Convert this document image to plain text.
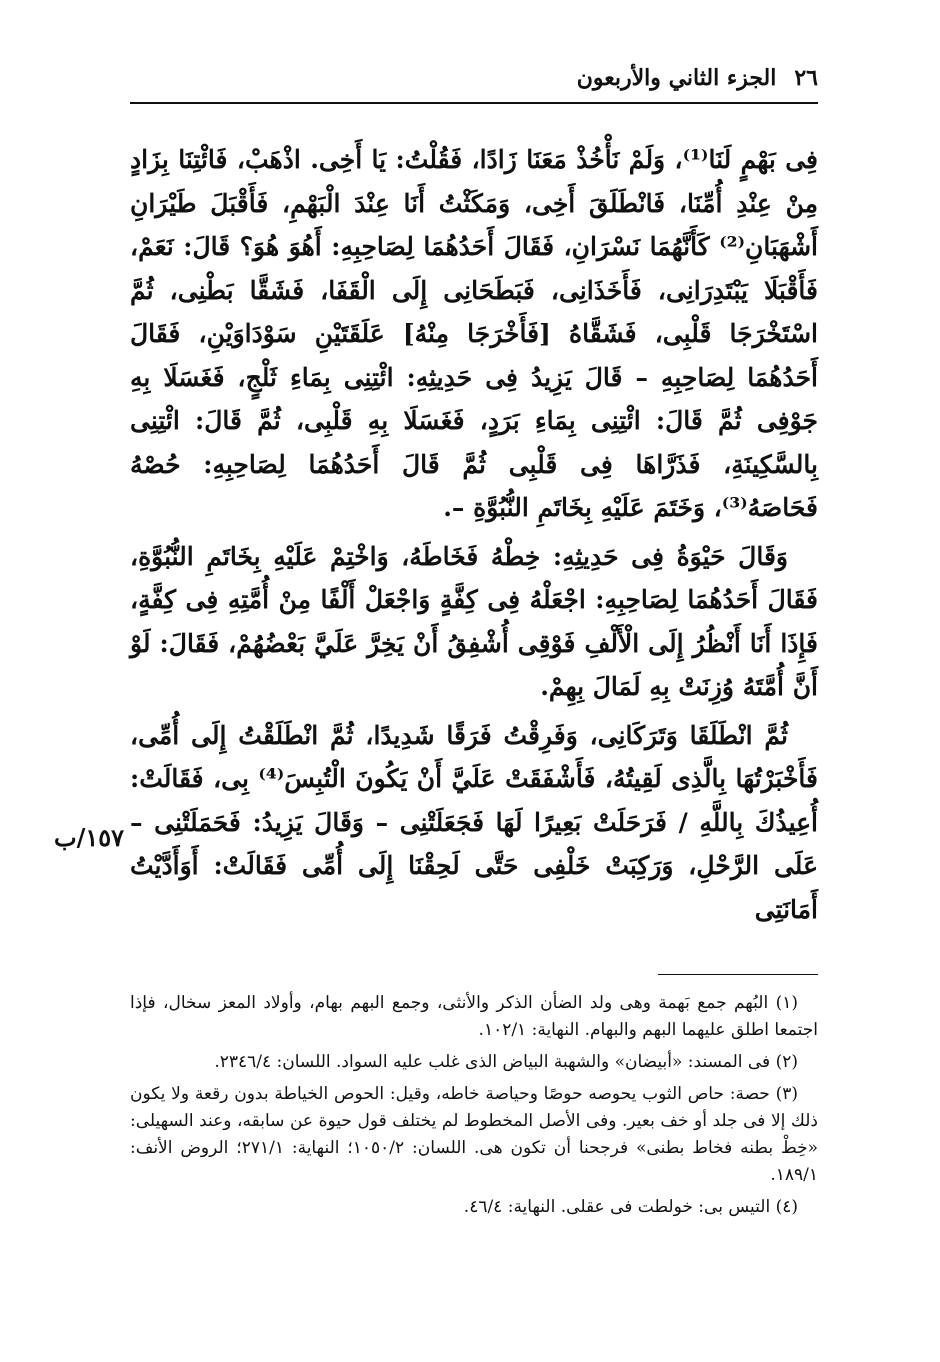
٢٦
الجزء الثاني والأربعون

فِى بَهْمٍ لَنَا⁽¹⁾، وَلَمْ نَأْخُذْ مَعَنَا زَادًا، فَقُلْتُ: يَا أَخِى. اذْهَبْ، فَائْتِنَا بِزَادٍ مِنْ عِنْدِ أُمِّنَا، فَانْطَلَقَ أَخِى، وَمَكَثْتُ أَنَا عِنْدَ الْبَهْمِ، فَأَقْبَلَ طَيْرَانِ أَشْهَبَانِ⁽²⁾ كَأَنَّهُمَا نَسْرَانِ، فَقَالَ أَحَدُهُمَا لِصَاحِبِهِ: أَهُوَ هُوَ؟ قَالَ: نَعَمْ، فَأَقْبَلَا يَبْتَدِرَانِى، فَأَخَذَانِى، فَبَطَحَانِى إِلَى الْقَفَا، فَشَقَّا بَطْنِى، ثُمَّ اسْتَخْرَجَا قَلْبِى، فَشَقَّاهُ [فَأَخْرَجَا مِنْهُ] عَلَقَتَيْنِ سَوْدَاوَيْنِ، فَقَالَ أَحَدُهُمَا لِصَاحِبِهِ – قَالَ يَزِيدُ فِى حَدِيثِهِ: ائْتِنِى بِمَاءِ ثَلْجٍ، فَغَسَلَا بِهِ جَوْفِى ثُمَّ قَالَ: ائْتِنِى بِمَاءِ بَرَدٍ، فَغَسَلَا بِهِ قَلْبِى، ثُمَّ قَالَ: ائْتِنِى بِالسَّكِينَةِ، فَذَرَّاهَا فِى قَلْبِى ثُمَّ قَالَ أَحَدُهُمَا لِصَاحِبِهِ: حُصْهُ فَحَاصَهُ⁽³⁾، وَخَتَمَ عَلَيْهِ بِخَاتَمِ النُّبُوَّةِ –.

وَقَالَ حَيْوَةُ فِى حَدِيثِهِ: خِطْهُ فَخَاطَهُ، وَاخْتِمْ عَلَيْهِ بِخَاتَمِ النُّبُوَّةِ، فَقَالَ أَحَدُهُمَا لِصَاحِبِهِ: اجْعَلْهُ فِى كِفَّةٍ وَاجْعَلْ أَلْفًا مِنْ أُمَّتِهِ فِى كِفَّةٍ، فَإِذَا أَنَا أَنْظُرُ إِلَى الْأَلْفِ فَوْقِى أُشْفِقُ أَنْ يَخِرَّ عَلَيَّ بَعْضُهُمْ، فَقَالَ: لَوْ أَنَّ أُمَّتَهُ وُزِنَتْ بِهِ لَمَالَ بِهِمْ.

ثُمَّ انْطَلَقَا وَتَرَكَانِى، وَفَرِقْتُ فَرَقًا شَدِيدًا، ثُمَّ انْطَلَقْتُ إِلَى أُمِّى، فَأَخْبَرْتُهَا بِالَّذِى لَقِيتُهُ، فَأَشْفَقَتْ عَلَيَّ أَنْ يَكُونَ الْتُبِسَ⁽⁴⁾ بِى، فَقَالَتْ: أُعِيذُكَ بِاللَّهِ / فَرَحَلَتْ بَعِيرًا لَهَا فَجَعَلَتْنِى – وَقَالَ يَزِيدُ: فَحَمَلَتْنِى – عَلَى الرَّحْلِ، وَرَكِبَتْ خَلْفِى حَتَّى لَحِقْنَا إِلَى أُمِّى فَقَالَتْ: أَوَأَدَّيْتُ أَمَانَتِى

١٥٧/ب

(١) البُهم جمع بَهمة وهى ولد الضأن الذكر والأنثى، وجمع البهم بهام، وأولاد المعز سخال، فإذا اجتمعا اطلق عليهما البهم والبهام. النهاية: ١٠٢/١.

(٢) فى المسند: «أبيضان» والشهبة البياض الذى غلب عليه السواد. اللسان: ٢٣٤٦/٤.

(٣) حصة: حاص الثوب يحوصه حوصًا وحياصة خاطه، وقيل: الحوص الخياطة بدون رقعة ولا يكون ذلك إلا فى جلد أو خف بعير. وفى الأصل المخطوط لم يختلف قول حيوة عن سابقه، وعند السهيلى: «خِطْ بطنه فخاط بطنى» فرجحنا أن تكون هى. اللسان: ١٠٥٠/٢؛ النهاية: ٢٧١/١؛ الروض الأنف: ١٨٩/١.

(٤) التيس بى: خولطت فى عقلى. النهاية: ٤٦/٤.
